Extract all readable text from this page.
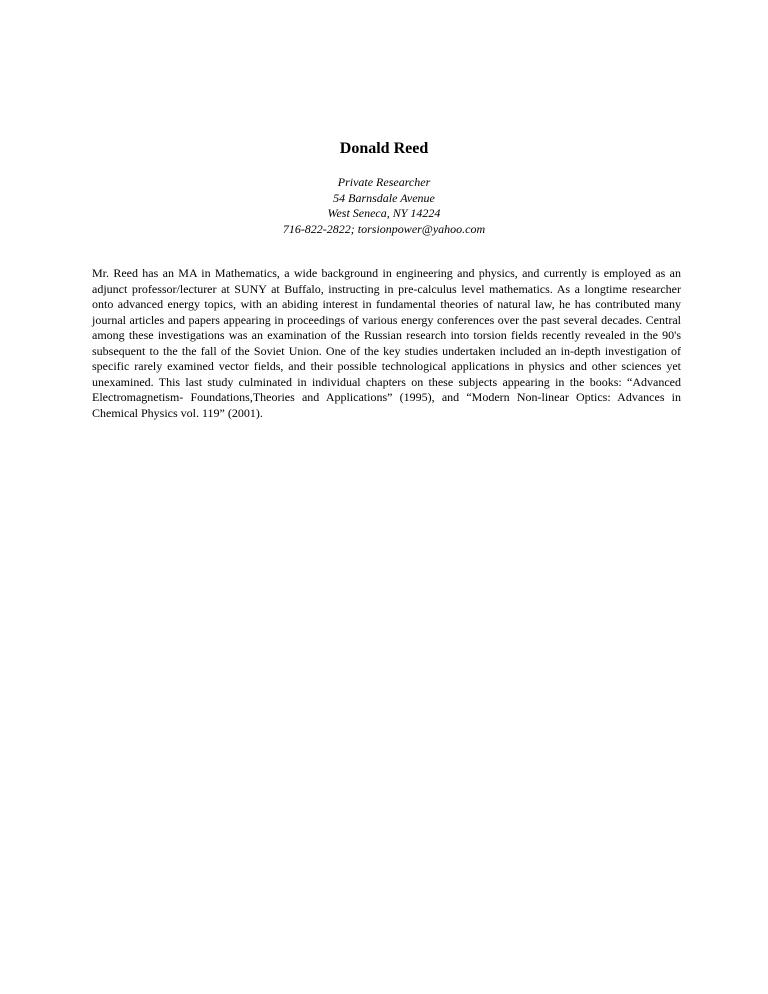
Donald Reed
Private Researcher
54 Barnsdale Avenue
West Seneca, NY 14224
716-822-2822; torsionpower@yahoo.com

Mr. Reed has an MA in Mathematics, a wide background in engineering and physics, and currently is employed as an adjunct professor/lecturer at SUNY at Buffalo, instructing in pre-calculus level mathematics. As a longtime researcher onto advanced energy topics, with an abiding interest in fundamental theories of natural law, he has contributed many journal articles and papers appearing in proceedings of various energy conferences over the past several decades. Central among these investigations was an examination of the Russian research into torsion fields recently revealed in the 90's subsequent to the the fall of the Soviet Union. One of the key studies undertaken included an in-depth investigation of specific rarely examined vector fields, and their possible technological applications in physics and other sciences yet unexamined. This last study culminated in individual chapters on these subjects appearing in the books: “Advanced Electromagnetism- Foundations,Theories and Applications” (1995), and “Modern Non-linear Optics: Advances in Chemical Physics vol. 119” (2001).
